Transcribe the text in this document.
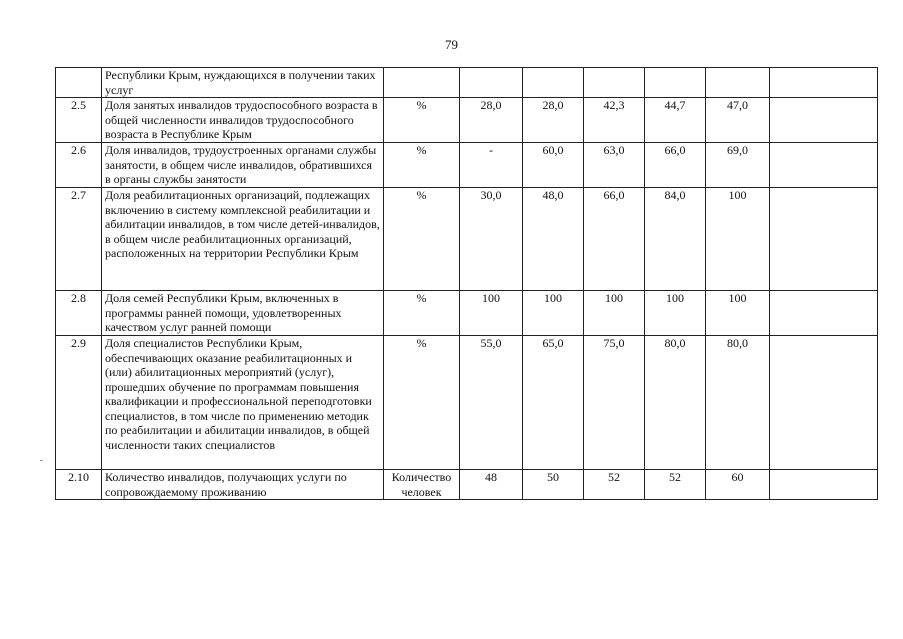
79
	Республики Крым, нуждающихся в получении таких услуг							
2.5	Доля занятых инвалидов трудоспособного возраста в общей численности инвалидов трудоспособного возраста в Республике Крым	%	28,0	28,0	42,3	44,7	47,0	
2.6	Доля инвалидов, трудоустроенных органами службы занятости, в общем числе инвалидов, обратившихся в органы службы занятости	%	-	60,0	63,0	66,0	69,0	
2.7	Доля реабилитационных организаций, подлежащих включению в систему комплексной реабилитации и абилитации инвалидов, в том числе детей-инвалидов, в общем числе реабилитационных организаций, расположенных на территории Республики Крым	%	30,0	48,0	66,0	84,0	100	
2.8	Доля семей Республики Крым, включенных в программы ранней помощи, удовлетворенных качеством услуг ранней помощи	%	100	100	100	100	100	
2.9	Доля специалистов Республики Крым, обеспечивающих оказание реабилитационных и (или) абилитационных мероприятий (услуг), прошедших обучение по программам повышения квалификации и профессиональной переподготовки специалистов, в том числе по применению методик по реабилитации и абилитации инвалидов, в общей численности таких специалистов	%	55,0	65,0	75,0	80,0	80,0	
2.10	Количество инвалидов, получающих услуги по сопровождаемому проживанию	Количество человек	48	50	52	52	60	
